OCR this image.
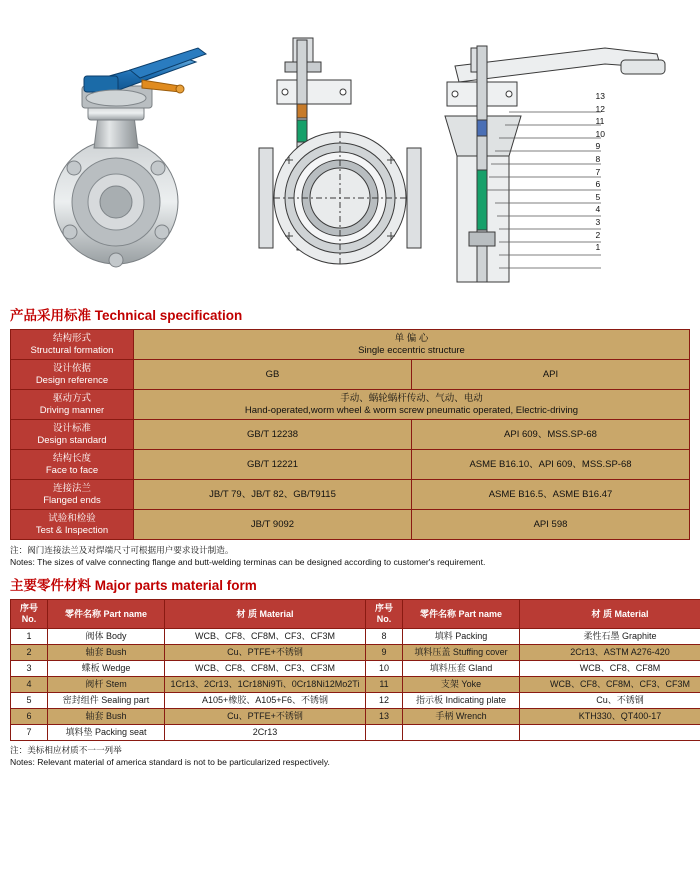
13
12
11
10
9
8
7
6
5
4
3
2
1
产品采用标准 Technical specification
结构形式
Structural formation	单 偏 心
Single eccentric structure	

设计依据
Design reference	GB	API

驱动方式
Driving manner	手动、蜗轮蜗杆传动、气动、电动
Hand-operated,worm wheel & worm screw pneumatic operated, Electric-driving	

设计标准
Design standard	GB/T 12238	API 609、MSS.SP-68

结构长度
Face to face	GB/T 12221	ASME B16.10、API 609、MSS.SP-68

连接法兰
Flanged ends	JB/T 79、JB/T 82、GB/T9115	ASME B16.5、ASME B16.47

试验和检验
Test & Inspection	JB/T 9092	API 598
注：阀门连接法兰及对焊端尺寸可根据用户要求设计制造。
Notes: The sizes of valve connecting flange and butt-welding terminas can be designed according to customer's requirement.
主要零件材料 Major parts material form
序号 No.	零件名称 Part name	材 质 Material	序号 No.	零件名称 Part name	材 质 Material
1	阀体 Body	WCB、CF8、CF8M、CF3、CF3M	8	填料 Packing	柔性石墨 Graphite
2	轴套 Bush	Cu、PTFE+不锈钢	9	填料压盖 Stuffing cover	2Cr13、ASTM A276-420
3	蝶板 Wedge	WCB、CF8、CF8M、CF3、CF3M	10	填料压套 Gland	WCB、CF8、CF8M
4	阀杆 Stem	1Cr13、2Cr13、1Cr18Ni9Ti、0Cr18Ni12Mo2Ti	11	支架 Yoke	WCB、CF8、CF8M、CF3、CF3M
5	密封组件 Sealing part	A105+橡胶、A105+F6、不锈钢	12	指示板 Indicating plate	Cu、不锈钢
6	轴套 Bush	Cu、PTFE+不锈钢	13	手柄 Wrench	KTH330、QT400-17
7	填料垫 Packing seat	2Cr13			
注：美标相应材质不一一列举
Notes: Relevant material of america standard is not to be particularized respectively.
